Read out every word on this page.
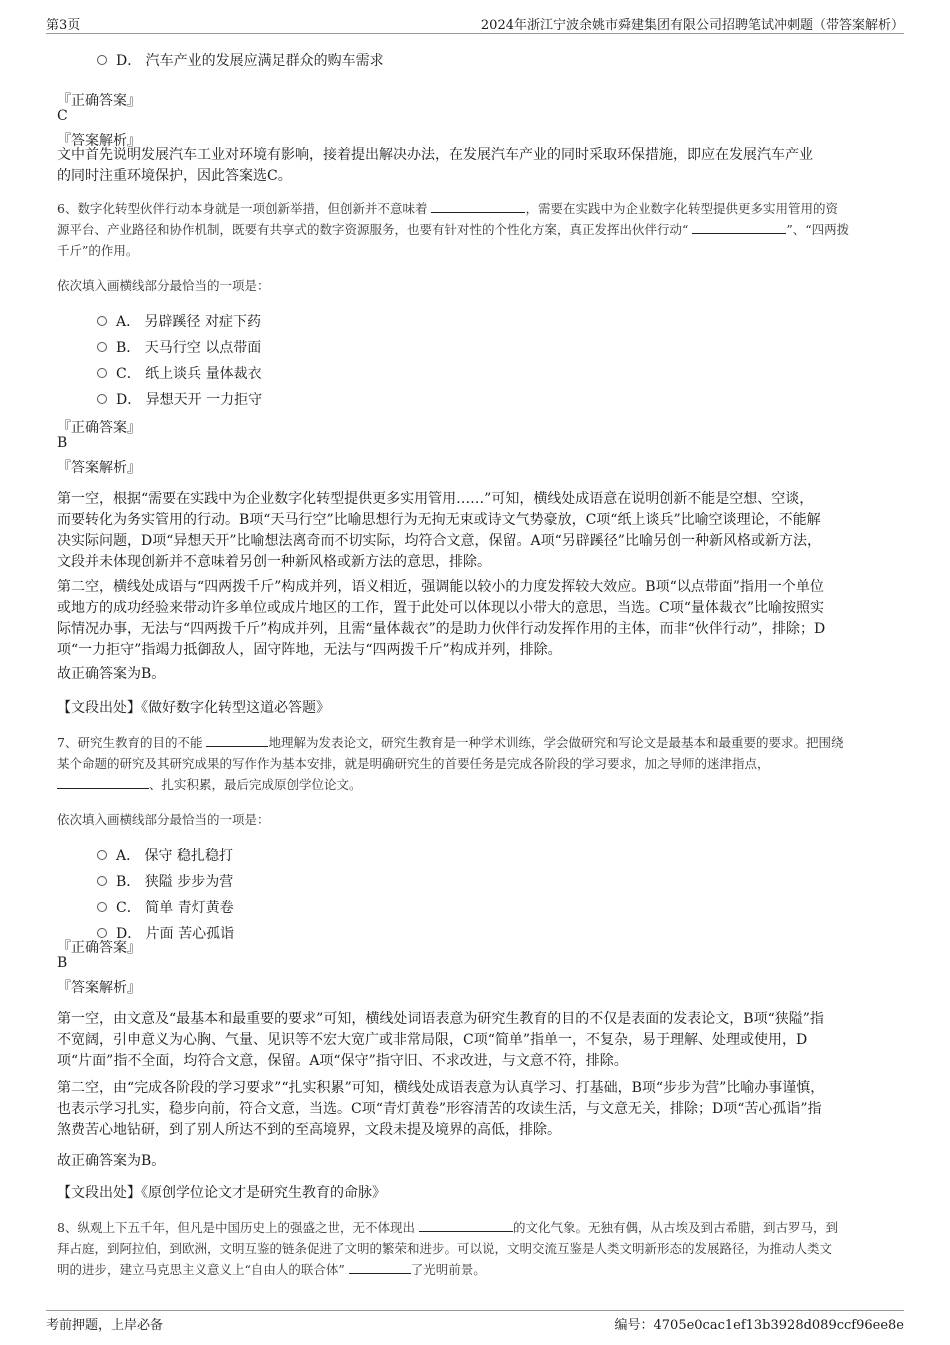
第3页	2024年浙江宁波余姚市舜建集团有限公司招聘笔试冲刺题（带答案解析）
D． 汽车产业的发展应满足群众的购车需求
『正确答案』
C
『答案解析』
文中首先说明发展汽车工业对环境有影响，接着提出解决办法，在发展汽车产业的同时采取环保措施，即应在发展汽车产业
的同时注重环境保护，因此答案选C。
6、数字化转型伙伴行动本身就是一项创新举措，但创新并不意味着	，需要在实践中为企业数字化转型提供更多实用管用的资
源平台、产业路径和协作机制，既要有共享式的数字资源服务，也要有针对性的个性化方案，真正发挥出伙伴行动“	”、“四两拨
千斤”的作用。
依次填入画横线部分最恰当的一项是：
A． 另辟蹊径 对症下药
B． 天马行空 以点带面
C． 纸上谈兵 量体裁衣
D． 异想天开 一力拒守
『正确答案』
B
『答案解析』
第一空，根据“需要在实践中为企业数字化转型提供更多实用管用……”可知，横线处成语意在说明创新不能是空想、空谈，
而要转化为务实管用的行动。B项“天马行空”比喻思想行为无拘无束或诗文气势豪放，C项“纸上谈兵”比喻空谈理论，不能解
决实际问题，D项“异想天开”比喻想法离奇而不切实际，均符合文意，保留。A项“另辟蹊径”比喻另创一种新风格或新方法，
文段并未体现创新并不意味着另创一种新风格或新方法的意思，排除。
第二空，横线处成语与“四两拨千斤”构成并列，语义相近，强调能以较小的力度发挥较大效应。B项“以点带面”指用一个单位
或地方的成功经验来带动许多单位或成片地区的工作，置于此处可以体现以小带大的意思，当选。C项“量体裁衣”比喻按照实
际情况办事，无法与“四两拨千斤”构成并列，且需“量体裁衣”的是助力伙伴行动发挥作用的主体，而非“伙伴行动”，排除；D
项“一力拒守”指竭力抵御敌人，固守阵地，无法与“四两拨千斤”构成并列，排除。
故正确答案为B。
【文段出处】《做好数字化转型这道必答题》
7、研究生教育的目的不能	地理解为发表论文，研究生教育是一种学术训练，学会做研究和写论文是最基本和最重要的要求。把围绕
某个命题的研究及其研究成果的写作作为基本安排，就是明确研究生的首要任务是完成各阶段的学习要求，加之导师的迷津指点，
、扎实积累，最后完成原创学位论文。
依次填入画横线部分最恰当的一项是：
A． 保守 稳扎稳打
B． 狭隘 步步为营
C． 简单 青灯黄卷
D． 片面 苦心孤诣
『正确答案』
B
『答案解析』
第一空，由文意及“最基本和最重要的要求”可知，横线处词语表意为研究生教育的目的不仅是表面的发表论文，B项“狭隘”指
不宽阔，引申意义为心胸、气量、见识等不宏大宽广或非常局限，C项“简单”指单一，不复杂，易于理解、处理或使用，D
项“片面”指不全面，均符合文意，保留。A项“保守”指守旧、不求改进，与文意不符，排除。
第二空，由“完成各阶段的学习要求”“扎实积累”可知，横线处成语表意为认真学习、打基础，B项“步步为营”比喻办事谨慎，
也表示学习扎实，稳步向前，符合文意，当选。C项“青灯黄卷”形容清苦的攻读生活，与文意无关，排除；D项“苦心孤诣”指
煞费苦心地钻研，到了别人所达不到的至高境界，文段未提及境界的高低，排除。
故正确答案为B。
【文段出处】《原创学位论文才是研究生教育的命脉》
8、纵观上下五千年，但凡是中国历史上的强盛之世，无不体现出	的文化气象。无独有偶，从古埃及到古希腊，到古罗马，到
拜占庭，到阿拉伯，到欧洲，文明互鉴的链条促进了文明的繁荣和进步。可以说，文明交流互鉴是人类文明新形态的发展路径，为推动人类文
明的进步，建立马克思主义意义上“自由人的联合体”	了光明前景。
考前押题，上岸必备	编号：4705e0cac1ef13b3928d089ccf96ee8e
